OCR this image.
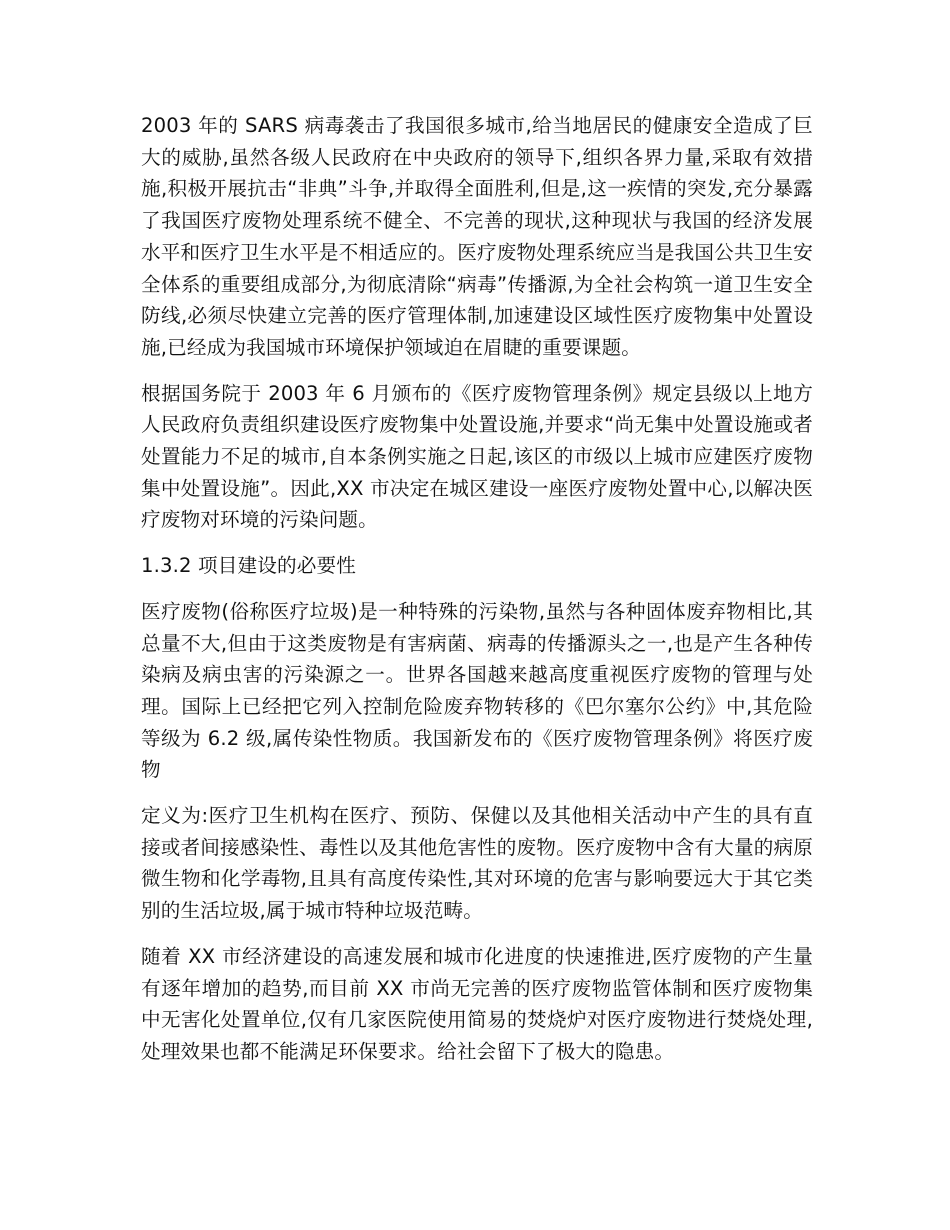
2003 年的 SARS 病毒袭击了我国很多城市,给当地居民的健康安全造成了巨大的威胁,虽然各级人民政府在中央政府的领导下,组织各界力量,采取有效措施,积极开展抗击“非典”斗争,并取得全面胜利,但是,这一疾情的突发,充分暴露了我国医疗废物处理系统不健全、不完善的现状,这种现状与我国的经济发展水平和医疗卫生水平是不相适应的。医疗废物处理系统应当是我国公共卫生安全体系的重要组成部分,为彻底清除“病毒”传播源,为全社会构筑一道卫生安全防线,必须尽快建立完善的医疗管理体制,加速建设区域性医疗废物集中处置设施,已经成为我国城市环境保护领域迫在眉睫的重要课题。

根据国务院于 2003 年 6 月颁布的《医疗废物管理条例》规定县级以上地方人民政府负责组织建设医疗废物集中处置设施,并要求“尚无集中处置设施或者处置能力不足的城市,自本条例实施之日起,该区的市级以上城市应建医疗废物集中处置设施”。因此,XX 市决定在城区建设一座医疗废物处置中心,以解决医疗废物对环境的污染问题。

1.3.2 项目建设的必要性

医疗废物(俗称医疗垃圾)是一种特殊的污染物,虽然与各种固体废弃物相比,其总量不大,但由于这类废物是有害病菌、病毒的传播源头之一,也是产生各种传染病及病虫害的污染源之一。世界各国越来越高度重视医疗废物的管理与处理。国际上已经把它列入控制危险废弃物转移的《巴尔塞尔公约》中,其危险等级为 6.2 级,属传染性物质。我国新发布的《医疗废物管理条例》将医疗废物

定义为:医疗卫生机构在医疗、预防、保健以及其他相关活动中产生的具有直接或者间接感染性、毒性以及其他危害性的废物。医疗废物中含有大量的病原微生物和化学毒物,且具有高度传染性,其对环境的危害与影响要远大于其它类别的生活垃圾,属于城市特种垃圾范畴。

随着 XX 市经济建设的高速发展和城市化进度的快速推进,医疗废物的产生量有逐年增加的趋势,而目前 XX 市尚无完善的医疗废物监管体制和医疗废物集中无害化处置单位,仅有几家医院使用简易的焚烧炉对医疗废物进行焚烧处理,处理效果也都不能满足环保要求。给社会留下了极大的隐患。
